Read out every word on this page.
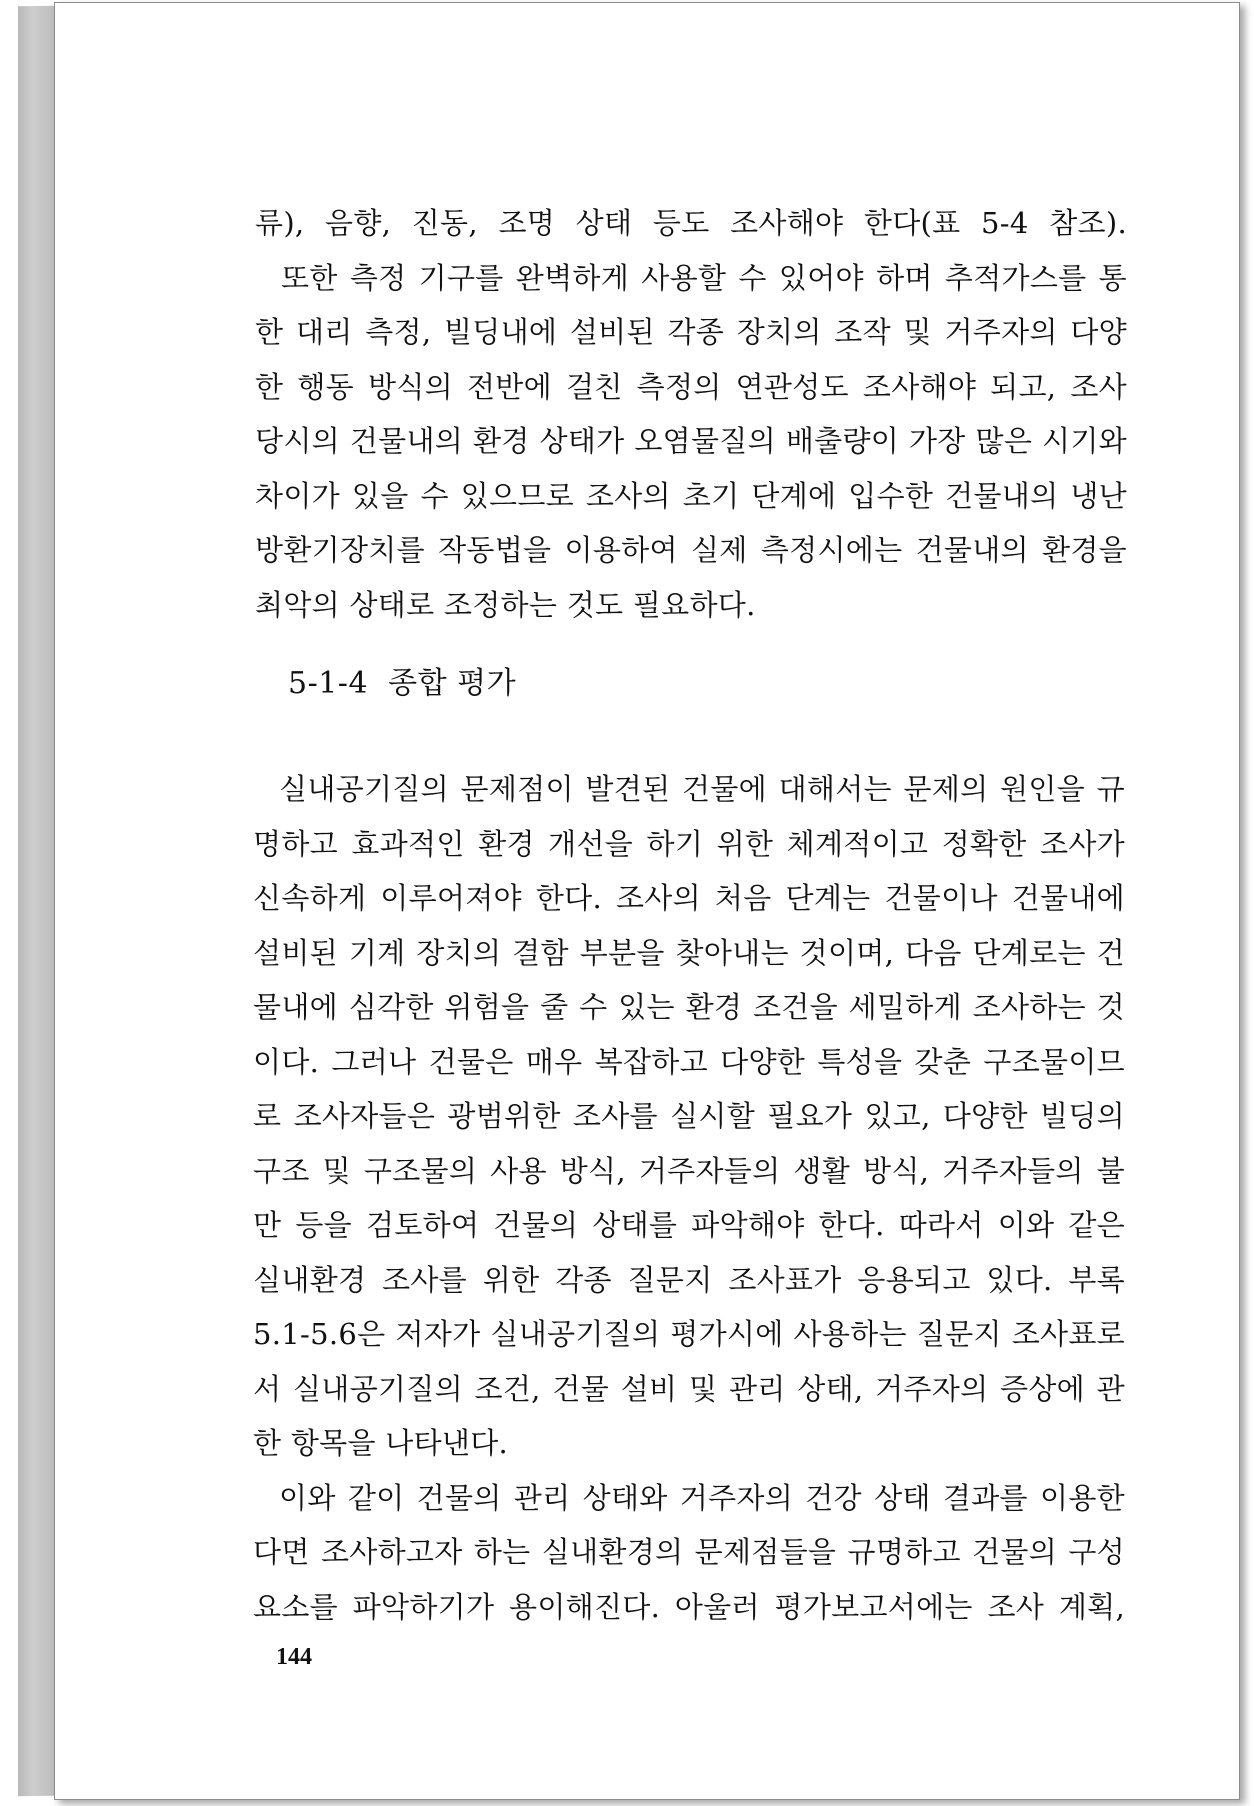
류), 음향, 진동, 조명 상태 등도 조사해야 한다(표 5-4 참조).
또한 측정 기구를 완벽하게 사용할 수 있어야 하며 추적가스를 통
한 대리 측정, 빌딩내에 설비된 각종 장치의 조작 및 거주자의 다양
한 행동 방식의 전반에 걸친 측정의 연관성도 조사해야 되고, 조사
당시의 건물내의 환경 상태가 오염물질의 배출량이 가장 많은 시기와
차이가 있을 수 있으므로 조사의 초기 단계에 입수한 건물내의 냉난
방환기장치를 작동법을 이용하여 실제 측정시에는 건물내의 환경을
최악의 상태로 조정하는 것도 필요하다.
5-1-4 종합 평가
실내공기질의 문제점이 발견된 건물에 대해서는 문제의 원인을 규
명하고 효과적인 환경 개선을 하기 위한 체계적이고 정확한 조사가
신속하게 이루어져야 한다. 조사의 처음 단계는 건물이나 건물내에
설비된 기계 장치의 결함 부분을 찾아내는 것이며, 다음 단계로는 건
물내에 심각한 위험을 줄 수 있는 환경 조건을 세밀하게 조사하는 것
이다. 그러나 건물은 매우 복잡하고 다양한 특성을 갖춘 구조물이므
로 조사자들은 광범위한 조사를 실시할 필요가 있고, 다양한 빌딩의
구조 및 구조물의 사용 방식, 거주자들의 생활 방식, 거주자들의 불
만 등을 검토하여 건물의 상태를 파악해야 한다. 따라서 이와 같은
실내환경 조사를 위한 각종 질문지 조사표가 응용되고 있다. 부록
5.1-5.6은 저자가 실내공기질의 평가시에 사용하는 질문지 조사표로
서 실내공기질의 조건, 건물 설비 및 관리 상태, 거주자의 증상에 관
한 항목을 나타낸다.
이와 같이 건물의 관리 상태와 거주자의 건강 상태 결과를 이용한
다면 조사하고자 하는 실내환경의 문제점들을 규명하고 건물의 구성
요소를 파악하기가 용이해진다. 아울러 평가보고서에는 조사 계획,
144
